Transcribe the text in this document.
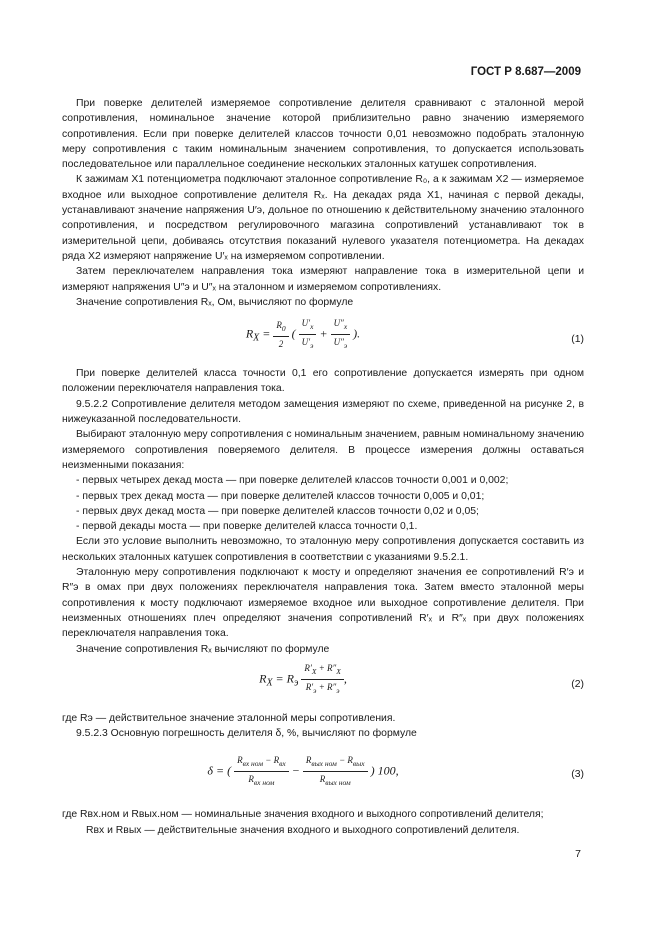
ГОСТ Р 8.687—2009

При поверке делителей измеряемое сопротивление делителя сравнивают с эталонной мерой сопротивления, номинальное значение которой приблизительно равно значению измеряемого сопротивления. Если при поверке делителей классов точности 0,01 невозможно подобрать эталонную меру сопротивления с таким номинальным значением сопротивления, то допускается использовать последовательное или параллельное соединение нескольких эталонных катушек сопротивления.

К зажимам Х1 потенциометра подключают эталонное сопротивление R₀, а к зажимам Х2 — измеряемое входное или выходное сопротивление делителя Rₓ. На декадах ряда Х1, начиная с первой декады, устанавливают значение напряжения U′э, дольное по отношению к действительному значению эталонного сопротивления, и посредством регулировочного магазина сопротивлений устанавливают ток в измерительной цепи, добиваясь отсутствия показаний нулевого указателя потенциометра. На декадах ряда Х2 измеряют напряжение U′ₓ на измеряемом сопротивлении.

Затем переключателем направления тока измеряют направление тока в измерительной цепи и измеряют напряжения U″э и U″ₓ на эталонном и измеряемом сопротивлениях.

Значение сопротивления Rₓ, Ом, вычисляют по формуле

$R_X = \frac{R_0}{2}$ ( $\frac{U'_x}{U'_э} + \frac{U''_x}{U''_э}$ ).	(1)

При поверке делителей класса точности 0,1 его сопротивление допускается измерять при одном положении переключателя направления тока.

9.5.2.2 Сопротивление делителя методом замещения измеряют по схеме, приведенной на рисунке 2, в нижеуказанной последовательности.

Выбирают эталонную меру сопротивления с номинальным значением, равным номинальному значению измеряемого сопротивления поверяемого делителя. В процессе измерения должны оставаться неизменными показания:

- первых четырех декад моста — при поверке делителей классов точности 0,001 и 0,002;

- первых трех декад моста — при поверке делителей классов точности 0,005 и 0,01;

- первых двух декад моста — при поверке делителей классов точности 0,02 и 0,05;

- первой декады моста — при поверке делителей класса точности 0,1.

Если это условие выполнить невозможно, то эталонную меру сопротивления допускается составить из нескольких эталонных катушек сопротивления в соответствии с указаниями 9.5.2.1.

Эталонную меру сопротивления подключают к мосту и определяют значения ее сопротивлений R′э и R″э в омах при двух положениях переключателя направления тока. Затем вместо эталонной меры сопротивления к мосту подключают измеряемое входное или выходное сопротивление делителя. При неизменных отношениях плеч определяют значения сопротивлений R′ₓ и R″ₓ при двух положениях переключателя направления тока.

Значение сопротивления Rₓ вычисляют по формуле

$R_X = R_э \frac{R'_X + R''_X}{R'_э + R''_э}$ ,	(2)

где Rэ — действительное значение эталонной меры сопротивления.

9.5.2.3 Основную погрешность делителя δ, %, вычисляют по формуле

δ = ( $\frac{R_{вх ном} - R_{вх}}{R_{вх ном}} - \frac{R_{вых ном} - R_{вых}}{R_{вых ном}}$ ) 100,	(3)

где Rвх.ном и Rвых.ном — номинальные значения входного и выходного сопротивлений делителя;

Rвх и Rвых — действительные значения входного и выходного сопротивлений делителя.

7
